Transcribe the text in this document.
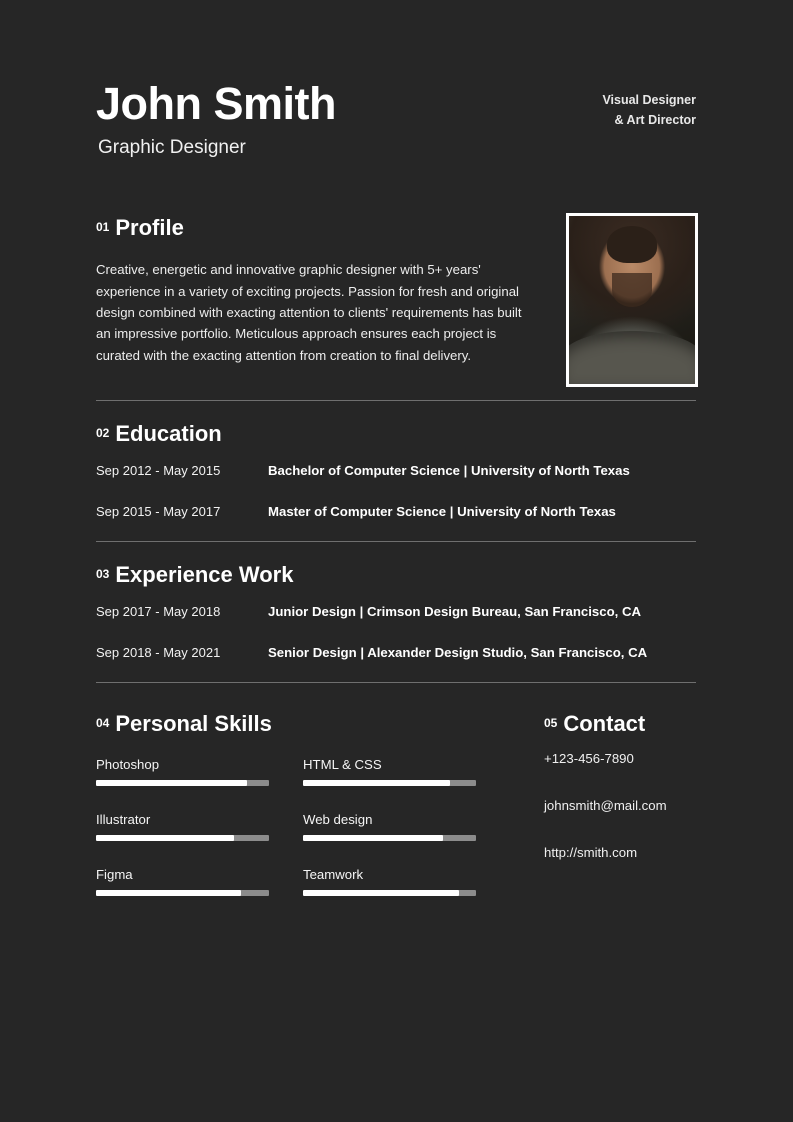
John Smith
Graphic Designer
Visual Designer
& Art Director
01 Profile

Creative, energetic and innovative graphic designer with 5+ years' experience in a variety of exciting projects. Passion for fresh and original design combined with exacting attention to clients' requirements has built an impressive portfolio. Meticulous approach ensures each project is curated with the exacting attention from creation to final delivery.

02 Education
Sep 2012 - May 2015	Bachelor of Computer Science | University of North Texas
Sep 2015 - May 2017	Master of Computer Science | University of North Texas
03 Experience Work
Sep 2017 - May 2018	Junior Design | Crimson Design Bureau, San Francisco, CA
Sep 2018 - May 2021	Senior Design | Alexander Design Studio, San Francisco, CA
04 Personal Skills	05 Contact
Photoshop
Illustrator
Figma
HTML & CSS
Web design
Teamwork
+123-456-7890
johnsmith@mail.com
http://smith.com
